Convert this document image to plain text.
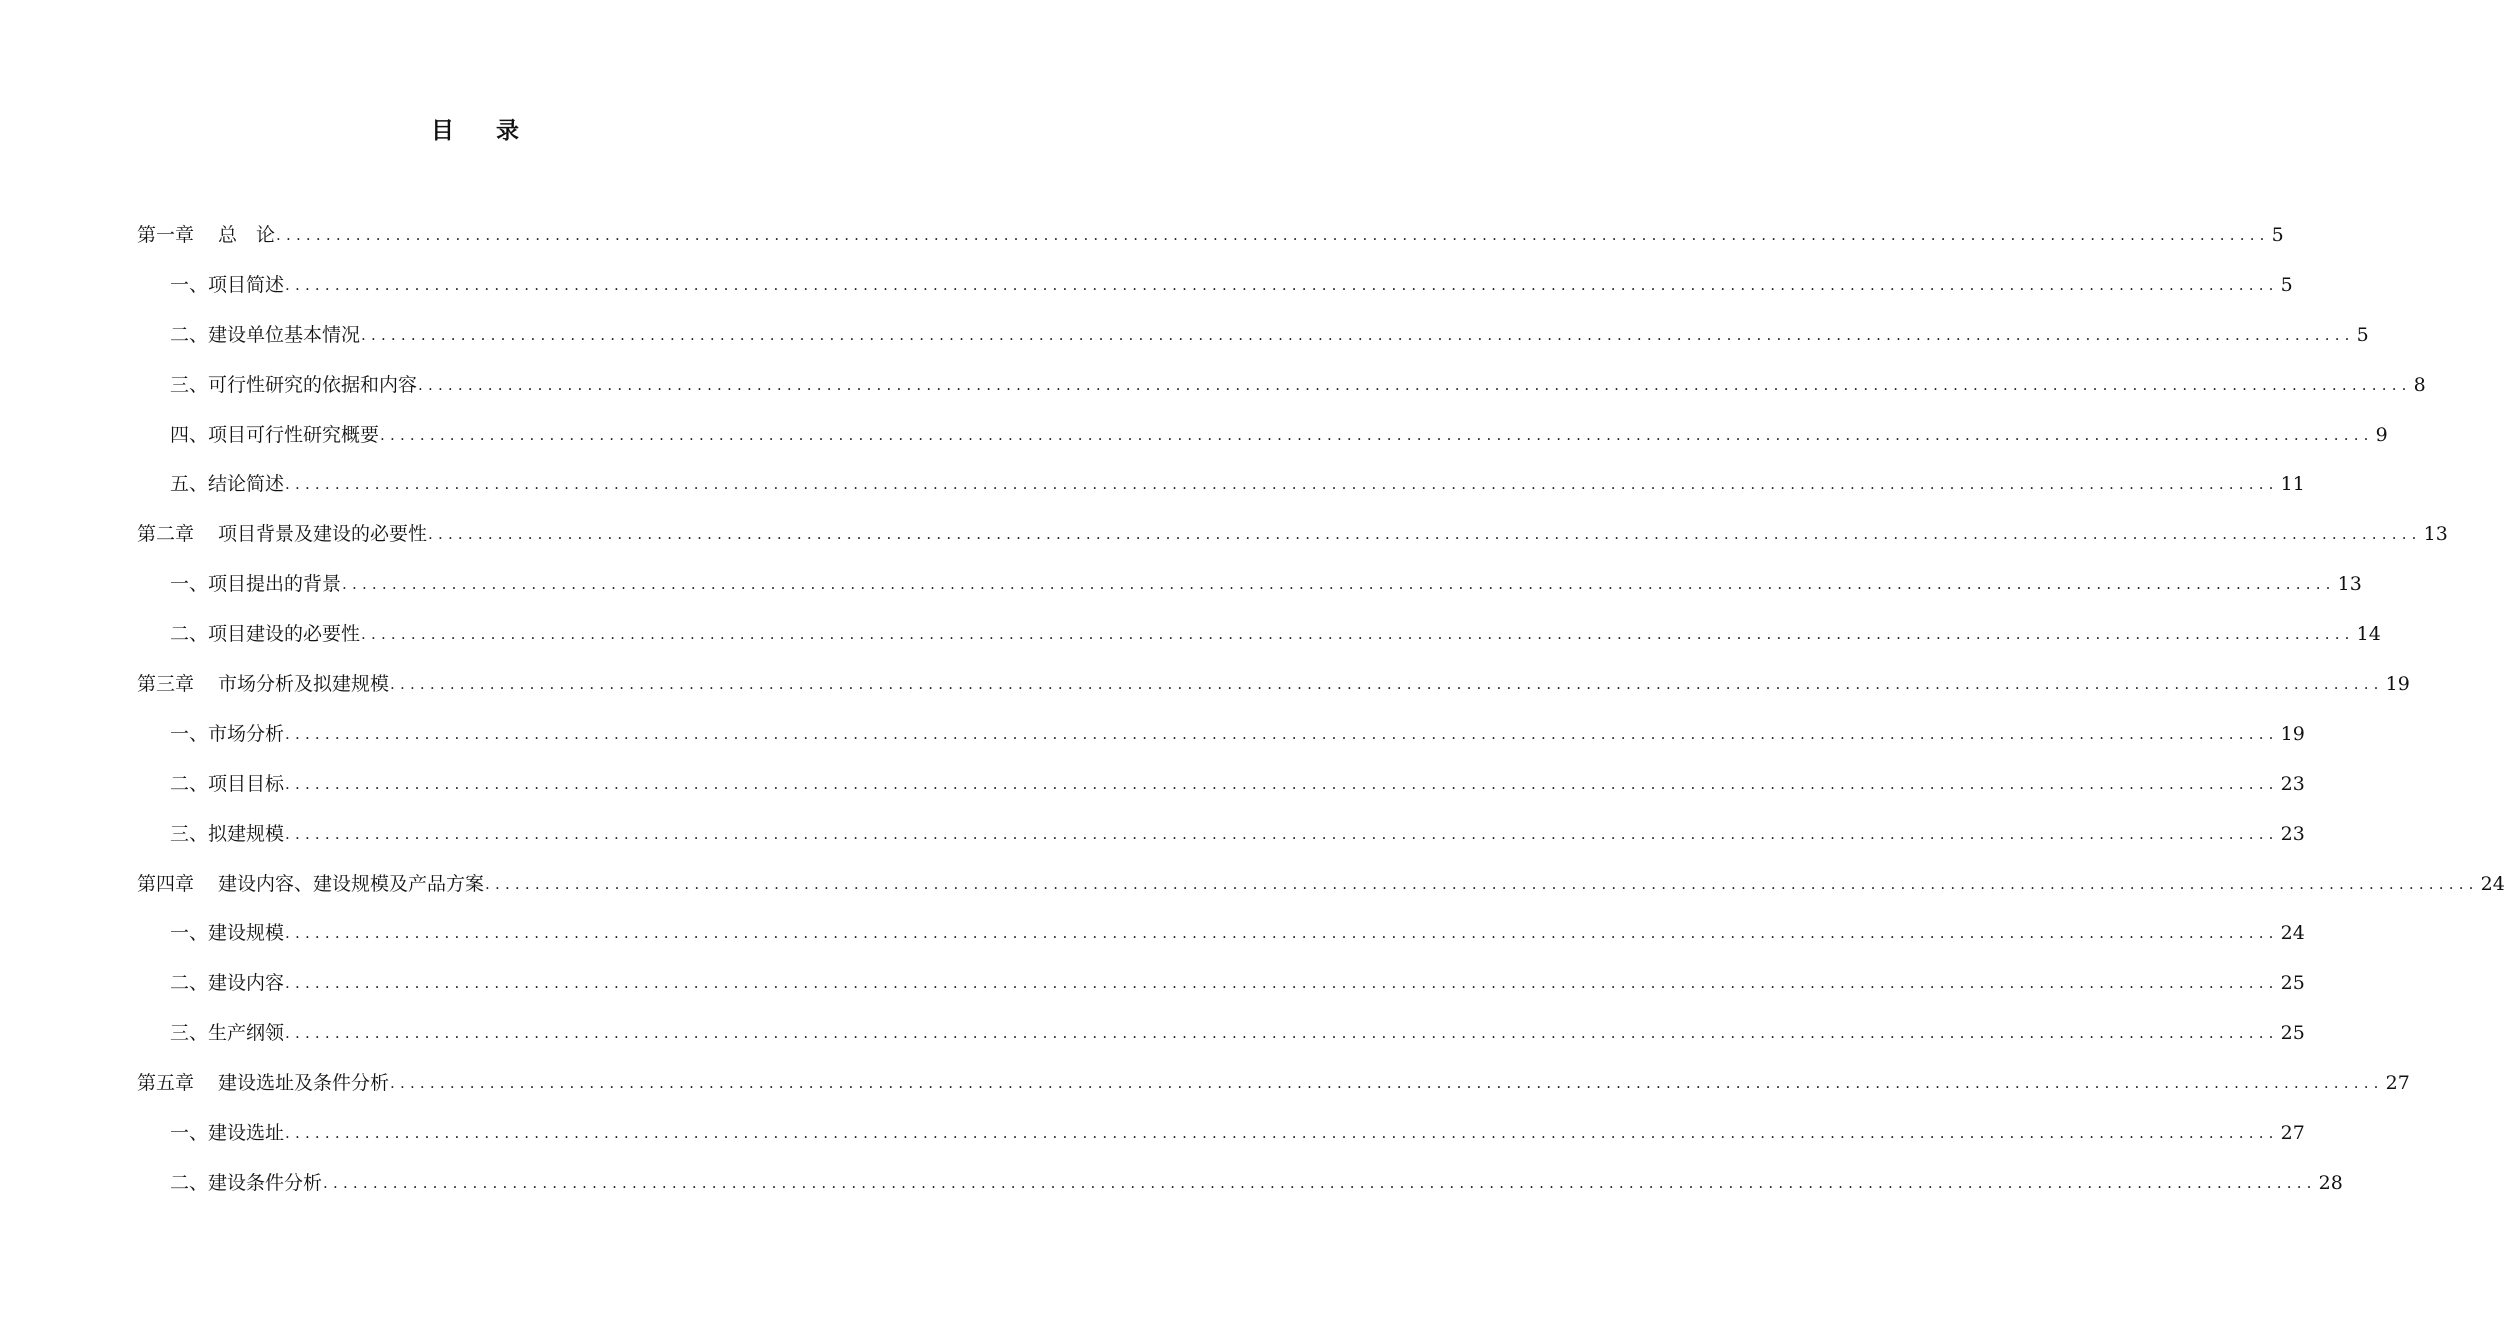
目 录
第一章 总　论 ........................................................................................................................................................................................................ 5
一、项目简述 ........................................................................................................................................................................................................ 5
二、建设单位基本情况 ........................................................................................................................................................................................................ 5
三、可行性研究的依据和内容 ........................................................................................................................................................................................................ 8
四、项目可行性研究概要 ........................................................................................................................................................................................................ 9
五、结论简述 ........................................................................................................................................................................................................ 11
第二章 项目背景及建设的必要性 ........................................................................................................................................................................................................ 13
一、项目提出的背景 ........................................................................................................................................................................................................ 13
二、项目建设的必要性 ........................................................................................................................................................................................................ 14
第三章 市场分析及拟建规模 ........................................................................................................................................................................................................ 19
一、市场分析 ........................................................................................................................................................................................................ 19
二、项目目标 ........................................................................................................................................................................................................ 23
三、拟建规模 ........................................................................................................................................................................................................ 23
第四章 建设内容、建设规模及产品方案 ........................................................................................................................................................................................................ 24
一、建设规模 ........................................................................................................................................................................................................ 24
二、建设内容 ........................................................................................................................................................................................................ 25
三、生产纲领 ........................................................................................................................................................................................................ 25
第五章 建设选址及条件分析 ........................................................................................................................................................................................................ 27
一、建设选址 ........................................................................................................................................................................................................ 27
二、建设条件分析 ........................................................................................................................................................................................................ 28
